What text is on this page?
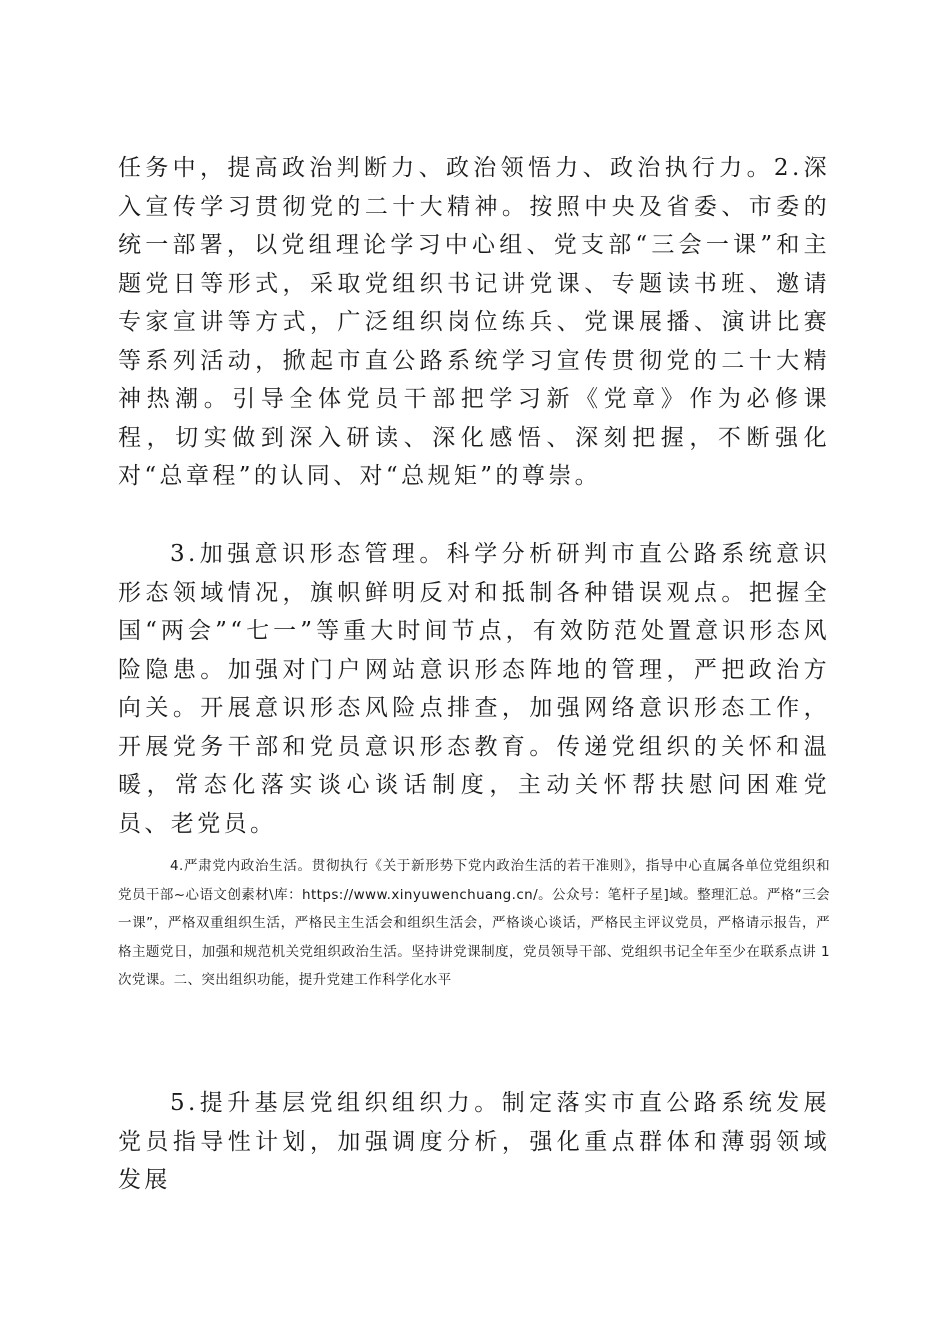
任务中，提高政治判断力、政治领悟力、政治执行力。2.深入宣传学习贯彻党的二十大精神。按照中央及省委、市委的统一部署，以党组理论学习中心组、党支部“三会一课”和主题党日等形式，采取党组织书记讲党课、专题读书班、邀请专家宣讲等方式，广泛组织岗位练兵、党课展播、演讲比赛等系列活动，掀起市直公路系统学习宣传贯彻党的二十大精神热潮。引导全体党员干部把学习新《党章》作为必修课程，切实做到深入研读、深化感悟、深刻把握，不断强化对“总章程”的认同、对“总规矩”的尊崇。

3.加强意识形态管理。科学分析研判市直公路系统意识形态领域情况，旗帜鲜明反对和抵制各种错误观点。把握全国“两会”“七一”等重大时间节点，有效防范处置意识形态风险隐患。加强对门户网站意识形态阵地的管理，严把政治方向关。开展意识形态风险点排查，加强网络意识形态工作，开展党务干部和党员意识形态教育。传递党组织的关怀和温暖，常态化落实谈心谈话制度，主动关怀帮扶慰问困难党员、老党员。

4.严肃党内政治生活。贯彻执行《关于新形势下党内政治生活的若干准则》，指导中心直属各单位党组织和党员干部~心语文创素材\库：https://www.xinyuwenchuang.cn/。公众号：笔杆子星]域。整理汇总。严格“三会一课”，严格双重组织生活，严格民主生活会和组织生活会，严格谈心谈话，严格民主评议党员，严格请示报告，严格主题党日，加强和规范机关党组织政治生活。坚持讲党课制度，党员领导干部、党组织书记全年至少在联系点讲 1 次党课。二、突出组织功能，提升党建工作科学化水平

5.提升基层党组织组织力。制定落实市直公路系统发展党员指导性计划，加强调度分析，强化重点群体和薄弱领域发展
